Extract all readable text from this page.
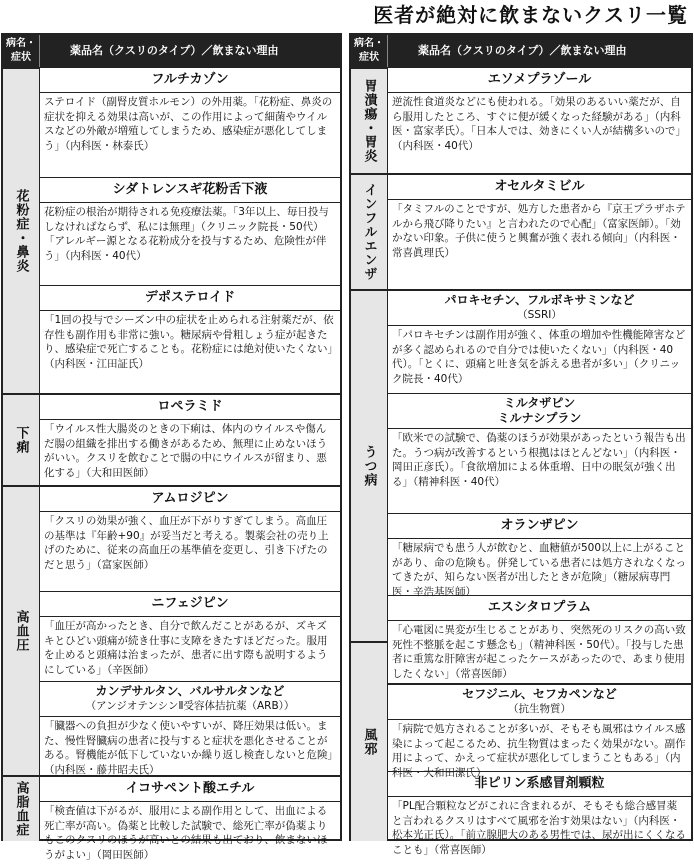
医者が絶対に飲まないクスリ一覧
病名・症状
薬品名（クスリのタイプ）／飲まない理由
花粉症・鼻炎
下痢
高血圧
高脂血症
フルチカゾン
ステロイド（副腎皮質ホルモン）の外用薬。「花粉症、鼻炎の症状を抑える効果は高いが、この作用によって細菌やウイルスなどの外敵が増殖してしまうため、感染症が悪化してしまう」（内科医・林泰氏）
シダトレンスギ花粉舌下液
花粉症の根治が期待される免疫療法薬。「3年以上、毎日投与しなければならず、私には無理」（クリニック院長・50代）「アレルギー源となる花粉成分を投与するため、危険性が伴う」（内科医・40代）
デポステロイド
「1回の投与でシーズン中の症状を止められる注射薬だが、依存性も副作用も非常に強い。糖尿病や骨粗しょう症が起きたり、感染症で死亡することも。花粉症には絶対使いたくない」（内科医・江田証氏）
ロペラミド
「ウイルス性大腸炎のときの下痢は、体内のウイルスや傷んだ腸の組織を排出する働きがあるため、無理に止めないほうがいい。クスリを飲むことで腸の中にウイルスが留まり、悪化する」（大和田医師）
アムロジピン
「クスリの効果が強く、血圧が下がりすぎてしまう。高血圧の基準は『年齢+90』が妥当だと考える。製薬会社の売り上げのために、従来の高血圧の基準値を変更し、引き下げたのだと思う」（富家医師）
ニフェジピン
「血圧が高かったとき、自分で飲んだことがあるが、ズキズキとひどい頭痛が続き仕事に支障をきたすほどだった。服用を止めると頭痛は治まったが、患者に出す際も説明するようにしている」（辛医師）
カンデサルタン、バルサルタンなど
（アンジオテンシンⅡ受容体拮抗薬（ARB））
「臓器への負担が少なく使いやすいが、降圧効果は低い。また、慢性腎臓病の患者に投与すると症状を悪化させることがある。腎機能が低下していないか繰り返し検査しないと危険」（内科医・藤井昭夫氏）
イコサペント酸エチル
「検査値は下がるが、服用による副作用として、出血による死亡率が高い。偽薬と比較した試験で、総死亡率が偽薬よりもこのクスリのほうが高いとの結果も出ており、飲まないほうがよい」（岡田医師）
病名・症状
薬品名（クスリのタイプ）／飲まない理由
胃潰瘍・胃炎
インフルエンザ
うつ病
風邪
エソメプラゾール
逆流性食道炎などにも使われる。「効果のあるいい薬だが、自ら服用したところ、すぐに便が緩くなった経験がある」（内科医・富家孝氏）。「日本人では、効きにくい人が結構多いので」（内科医・40代）
オセルタミビル
「タミフルのことですが、処方した患者から『京王プラザホテルから飛び降りたい』と言われたので心配」（富家医師）。「効かない印象。子供に使うと興奮が強く表れる傾向」（内科医・常喜眞理氏）
パロキセチン、フルボキサミンなど
（SSRI）
「パロキセチンは副作用が強く、体重の増加や性機能障害などが多く認められるので自分では使いたくない」（内科医・40代）。「とくに、頭痛と吐き気を訴える患者が多い」（クリニック院長・40代）
ミルタザピン
ミルナシプラン
「欧米での試験で、偽薬のほうが効果があったという報告も出た。うつ病が改善するという根拠はほとんどない」（内科医・岡田正彦氏）。「食欲増加による体重増、日中の眠気が強く出る」（精神科医・40代）
オランザピン
「糖尿病でも患う人が飲むと、血糖値が500以上に上がることがあり、命の危険も。併発している患者には処方されなくなってきたが、知らない医者が出したときが危険」（糖尿病専門医・辛浩基医師）
エスシタロプラム
「心電図に異変が生じることがあり、突然死のリスクの高い致死性不整脈を起こす懸念も」（精神科医・50代）。「投与した患者に重篤な肝障害が起こったケースがあったので、あまり使用したくない」（常喜医師）
セフジニル、セフカペンなど
（抗生物質）
「病院で処方されることが多いが、そもそも風邪はウイルス感染によって起こるため、抗生物質はまったく効果がない。副作用によって、かえって症状が悪化してしまうこともある」（内科医・大和田潔氏）
非ピリン系感冒剤顆粒
「PL配合顆粒などがこれに含まれるが、そもそも総合感冒薬と言われるクスリはすべて風邪を治す効果はない」（内科医・松本光正氏）。「前立腺肥大のある男性では、尿が出にくくなることも」（常喜医師）
